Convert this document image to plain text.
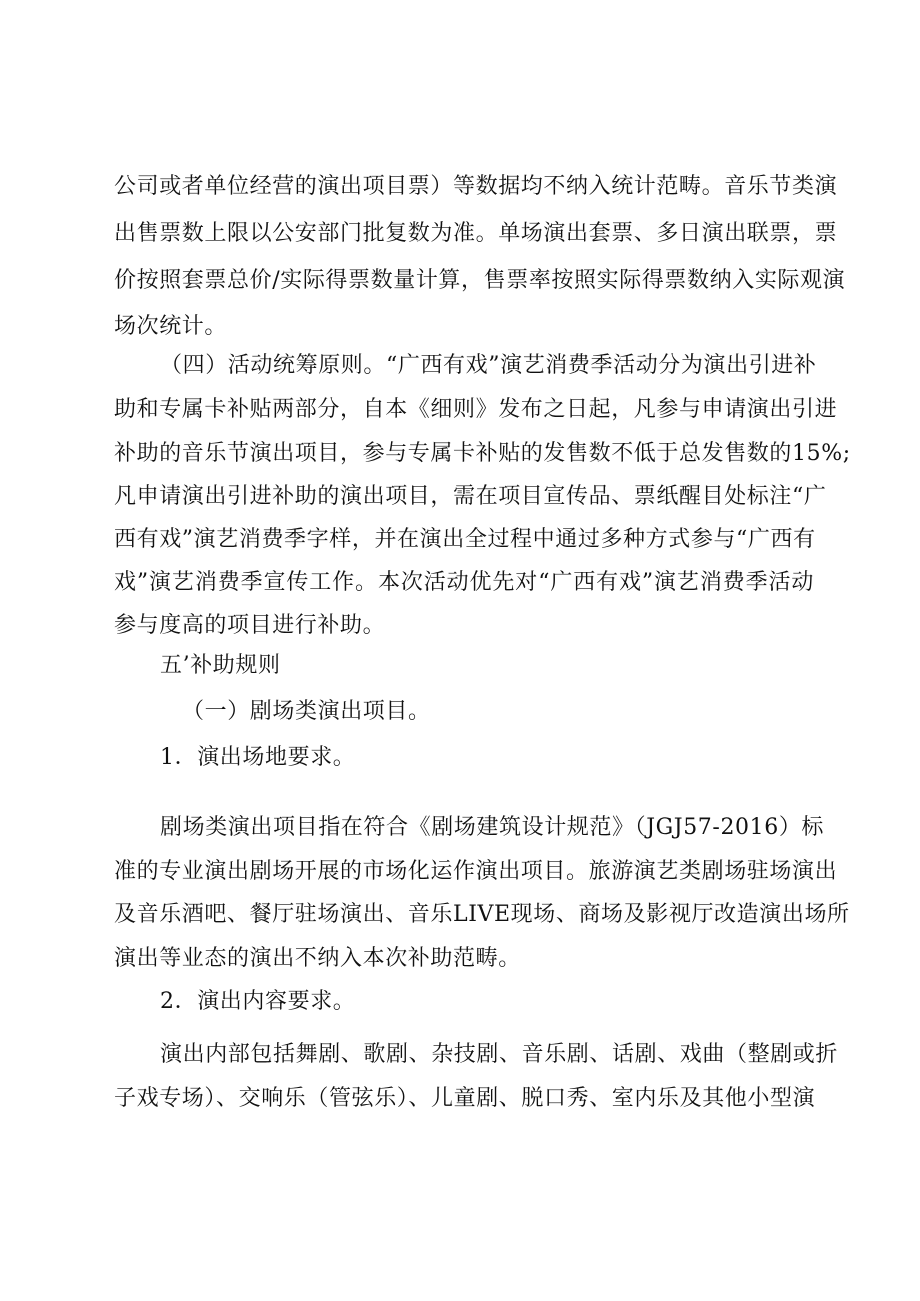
公司或者单位经营的演出项目票）等数据均不纳入统计范畴。音乐节类演
出售票数上限以公安部门批复数为准。单场演出套票、多日演出联票，票
价按照套票总价/实际得票数量计算，售票率按照实际得票数纳入实际观演
场次统计。
（四）活动统筹原则。“广西有戏”演艺消费季活动分为演出引进补
助和专属卡补贴两部分，自本《细则》发布之日起，凡参与申请演出引进
补助的音乐节演出项目，参与专属卡补贴的发售数不低于总发售数的15%;
凡申请演出引进补助的演出项目，需在项目宣传品、票纸醒目处标注“广
西有戏”演艺消费季字样，并在演出全过程中通过多种方式参与“广西有
戏”演艺消费季宣传工作。本次活动优先对“广西有戏”演艺消费季活动
参与度高的项目进行补助。
五’补助规则
（一）剧场类演出项目。
1．演出场地要求。
剧场类演出项目指在符合《剧场建筑设计规范》（JGJ57-2016）标
准的专业演出剧场开展的市场化运作演出项目。旅游演艺类剧场驻场演出
及音乐酒吧、餐厅驻场演出、音乐LIVE现场、商场及影视厅改造演出场所
演出等业态的演出不纳入本次补助范畴。
2．演出内容要求。
演出内部包括舞剧、歌剧、杂技剧、音乐剧、话剧、戏曲（整剧或折
子戏专场）、交响乐（管弦乐）、儿童剧、脱口秀、室内乐及其他小型演
